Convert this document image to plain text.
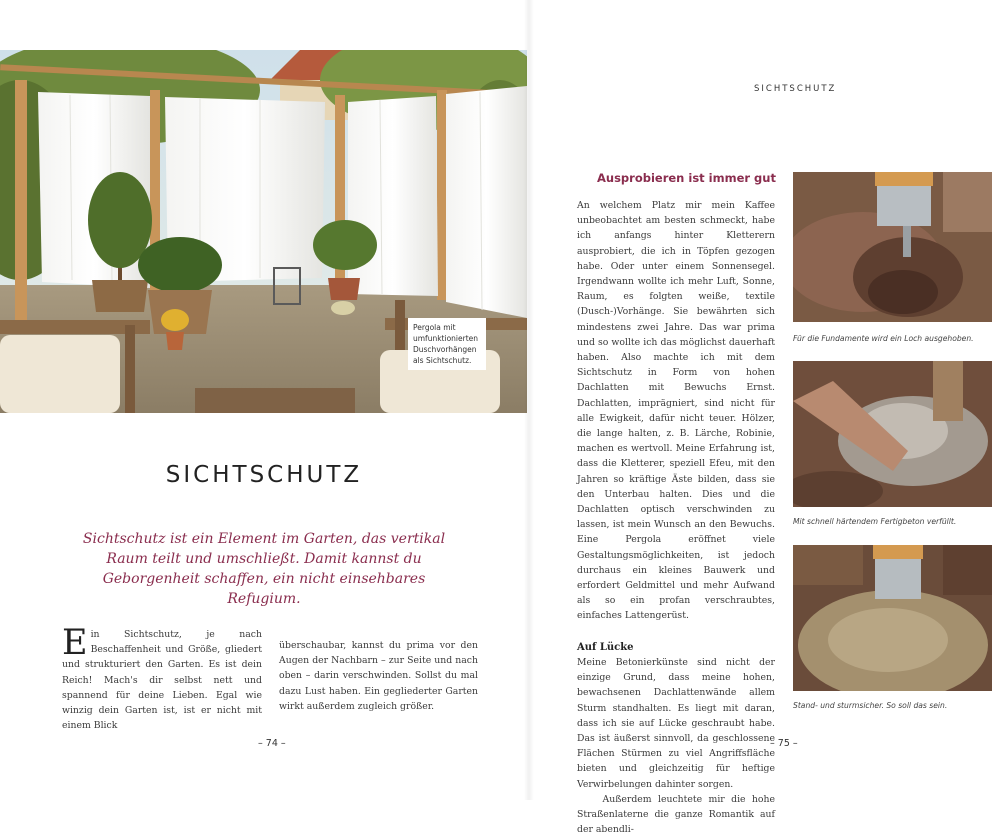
Pergola mit umfunktionierten Duschvorhängen als Sichtschutz.
SICHTSCHUTZ
Sichtschutz ist ein Element im Garten, das vertikal Raum teilt und umschließt. Damit kannst du Geborgenheit schaffen, ein nicht einsehbares Refugium.
E in Sichtschutz, je nach Beschaffenheit und Größe, gliedert und strukturiert den Garten. Es ist dein Reich! Mach's dir selbst nett und spannend für deine Lieben. Egal wie winzig dein Garten ist, ist er nicht mit einem Blick
überschaubar, kannst du prima vor den Augen der Nachbarn – zur Seite und nach oben – darin verschwinden. Sollst du mal dazu Lust haben. Ein gegliederter Garten wirkt außerdem zugleich größer.
– 74 –
SICHTSCHUTZ
Ausprobieren ist immer gut
An welchem Platz mir mein Kaffee unbeobachtet am besten schmeckt, habe ich anfangs hinter Kletterern ausprobiert, die ich in Töpfen gezogen habe. Oder unter einem Sonnensegel. Irgendwann wollte ich mehr Luft, Sonne, Raum, es folgten weiße, textile (Dusch-)Vorhänge. Sie bewährten sich mindestens zwei Jahre. Das war prima und so wollte ich das möglichst dauerhaft haben. Also machte ich mit dem Sichtschutz in Form von hohen Dachlatten mit Bewuchs Ernst. Dachlatten, imprägniert, sind nicht für alle Ewigkeit, dafür nicht teuer. Hölzer, die lange halten, z. B. Lärche, Robinie, machen es wertvoll. Meine Erfahrung ist, dass die Kletterer, speziell Efeu, mit den Jahren so kräftige Äste bilden, dass sie den Unterbau halten. Dies und die Dachlatten optisch verschwinden zu lassen, ist mein Wunsch an den Bewuchs. Eine Pergola eröffnet viele Gestaltungsmöglichkeiten, ist jedoch durchaus ein kleines Bauwerk und erfordert Geldmittel und mehr Aufwand als so ein profan verschraubtes, einfaches Lattengerüst.
Auf Lücke
Meine Betonierkünste sind nicht der einzige Grund, dass meine hohen, bewachsenen Dachlattenwände allem Sturm standhalten. Es liegt mit daran, dass ich sie auf Lücke geschraubt habe. Das ist äußerst sinnvoll, da geschlossene Flächen Stürmen zu viel Angriffsfläche bieten und gleichzeitig für heftige Verwirbelungen dahinter sorgen.
Außerdem leuchtete mir die hohe Straßenlaterne die ganze Romantik auf der abendli-
Für die Fundamente wird ein Loch ausgehoben.
Mit schnell härtendem Fertigbeton verfüllt.
Stand- und sturmsicher. So soll das sein.
– 75 –
